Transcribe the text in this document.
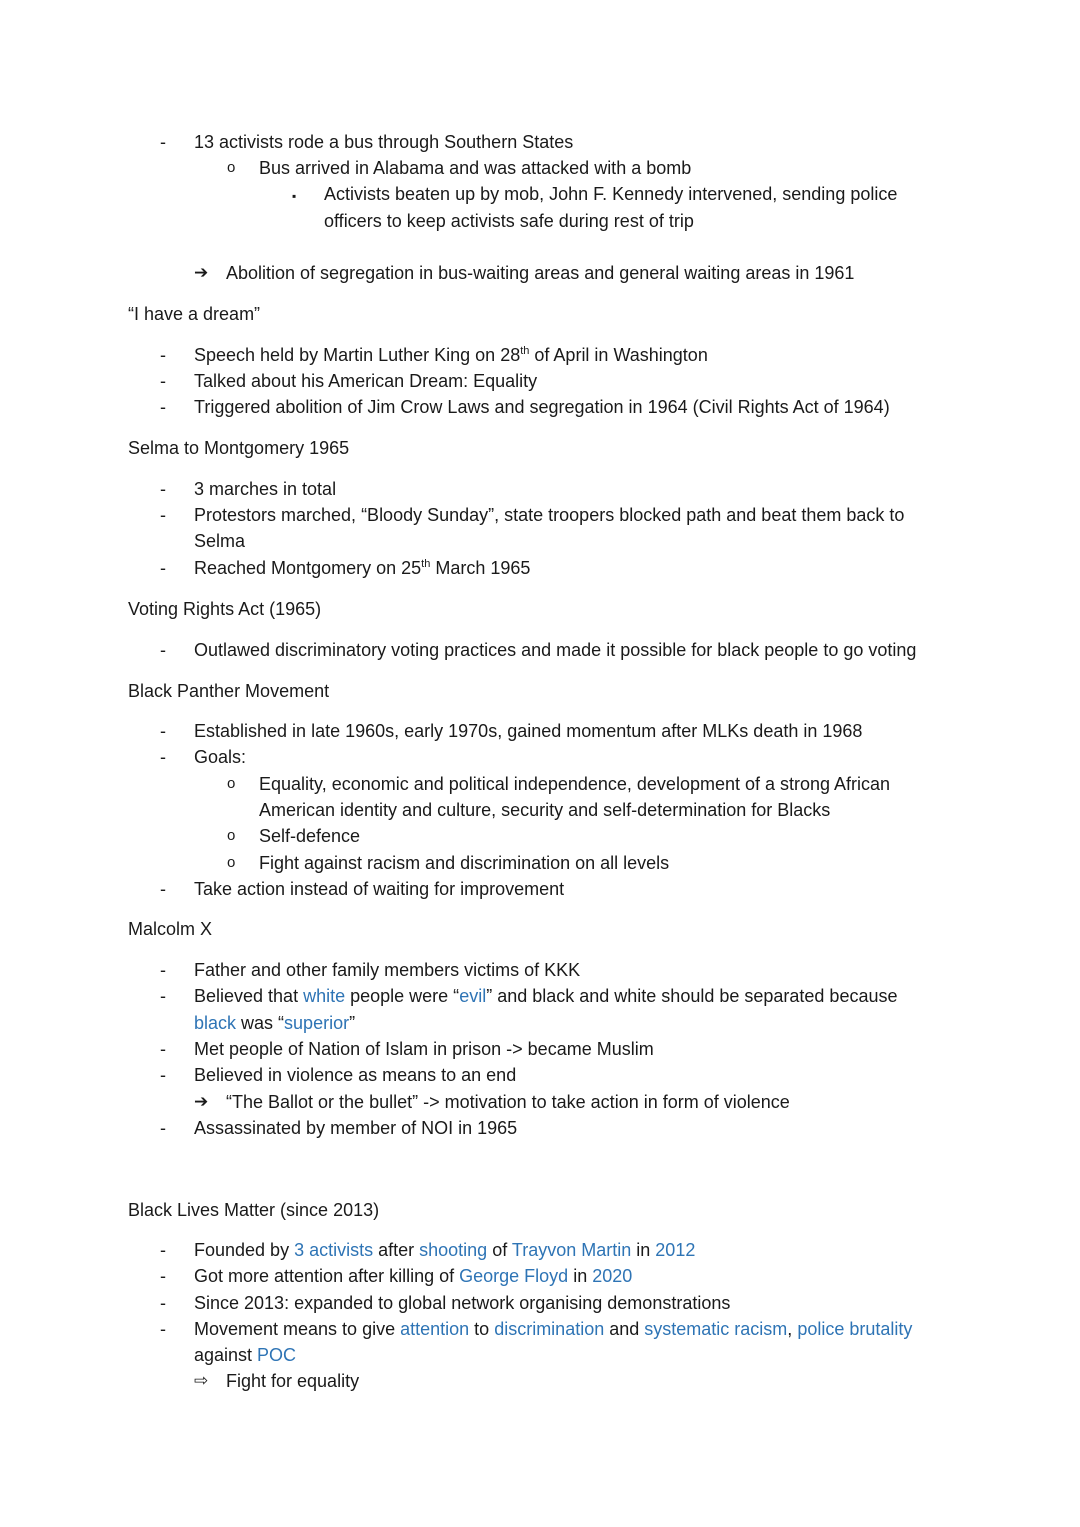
- 13 activists rode a bus through Southern States
o Bus arrived in Alabama and was attacked with a bomb
▪ Activists beaten up by mob, John F. Kennedy intervened, sending police
officers to keep activists safe during rest of trip
➔ Abolition of segregation in bus-waiting areas and general waiting areas in 1961
“I have a dream”
- Speech held by Martin Luther King on 28th of April in Washington
- Talked about his American Dream: Equality
- Triggered abolition of Jim Crow Laws and segregation in 1964 (Civil Rights Act of 1964)
Selma to Montgomery 1965
- 3 marches in total
- Protestors marched, “Bloody Sunday”, state troopers blocked path and beat them back to
Selma
- Reached Montgomery on 25th March 1965
Voting Rights Act (1965)
- Outlawed discriminatory voting practices and made it possible for black people to go voting
Black Panther Movement
- Established in late 1960s, early 1970s, gained momentum after MLKs death in 1968
- Goals:
o Equality, economic and political independence, development of a strong African
American identity and culture, security and self-determination for Blacks
o Self-defence
o Fight against racism and discrimination on all levels
- Take action instead of waiting for improvement
Malcolm X
- Father and other family members victims of KKK
- Believed that white people were “evil” and black and white should be separated because
black was “superior”
- Met people of Nation of Islam in prison -> became Muslim
- Believed in violence as means to an end
➔ “The Ballot or the bullet” -> motivation to take action in form of violence
- Assassinated by member of NOI in 1965
Black Lives Matter (since 2013)
- Founded by 3 activists after shooting of Trayvon Martin in 2012
- Got more attention after killing of George Floyd in 2020
- Since 2013: expanded to global network organising demonstrations
- Movement means to give attention to discrimination and systematic racism, police brutality
against POC
⇨ Fight for equality
